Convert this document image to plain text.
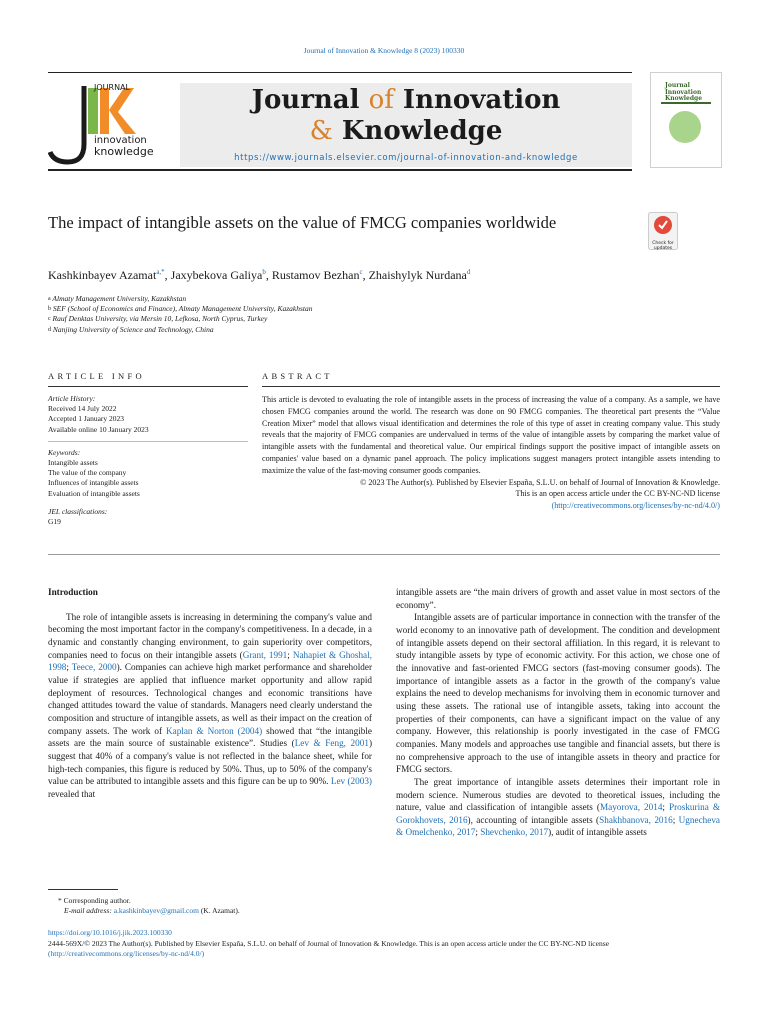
Journal of Innovation & Knowledge 8 (2023) 100330
JOURNAL
innovation
knowledge
Journal of Innovation
& Knowledge
https://www.journals.elsevier.com/journal-of-innovation-and-knowledge
Journal
Innovation
Knowledge
The impact of intangible assets on the value of FMCG companies worldwide
Check for updates
Kashkinbayev Azamat$^{a,*}$, Jaxybekova Galiya$^b$, Rustamov Bezhan$^c$, Zhaishylyk Nurdana$^d$
$^a$ Almaty Management University, Kazakhstan
$^b$ SEF (School of Economics and Finance), Almaty Management University, Kazakhstan
$^c$ Rauf Denktas University, via Mersin 10, Lefkosa, North Cyprus, Turkey
$^d$ Nanjing University of Science and Technology, China
ARTICLE INFO	ABSTRACT
Article History:
Received 14 July 2022
Accepted 1 January 2023
Available online 10 January 2023
Keywords:
Intangible assets
The value of the company
Influences of intangible assets
Evaluation of intangible assets
JEL classifications:
G19
This article is devoted to evaluating the role of intangible assets in the process of increasing the value of a company. As a sample, we have chosen FMCG companies around the world. The research was done on 90 FMCG companies. The theoretical part presents the “Value Creation Mixer” model that allows visual identification and determines the role of this type of asset in creating company value. This study reveals that the majority of FMCG companies are undervalued in terms of the value of intangible assets by comparing the market value of intangible assets with the fundamental and theoretical value. Our empirical findings support the positive impact of intangible assets on companies' value based on a dynamic panel approach. The policy implications suggest managers protect intangible assets intending to maximize the value of the fast-moving consumer goods companies.
© 2023 The Author(s). Published by Elsevier España, S.L.U. on behalf of Journal of Innovation & Knowledge.
This is an open access article under the CC BY-NC-ND license
(http://creativecommons.org/licenses/by-nc-nd/4.0/)
Introduction

The role of intangible assets is increasing in determining the company's value and becoming the most important factor in the company's competitiveness. In a decade, in a dynamic and constantly changing environment, to gain superiority over competitors, companies need to focus on their intangible assets (Grant, 1991; Nahapiet & Ghoshal, 1998; Teece, 2000). Companies can achieve high market performance and shareholder value if strategies are applied that influence market opportunity and allow rapid deployment of resources. Technological changes and economic transitions have changed attitudes toward the value of standards. Managers need clearly understand the composition and structure of intangible assets, as well as their impact on the creation of company assets. The work of Kaplan & Norton (2004) showed that “the intangible assets are the main source of sustainable existence”. Studies (Lev & Feng, 2001) suggest that 40% of a company's value is not reflected in the balance sheet, while for high-tech companies, this figure is reduced by 50%. Thus, up to 50% of the company's value can be attributed to intangible assets and this figure can be up to 90%. Lev (2003) revealed that

intangible assets are “the main drivers of growth and asset value in most sectors of the economy”.

Intangible assets are of particular importance in connection with the transfer of the world economy to an innovative path of development. The condition and development of intangible assets depend on their sectoral affiliation. In this regard, it is relevant to study intangible assets by type of economic activity. For this action, we chose one of the innovative and fast-oriented FMCG sectors (fast-moving consumer goods). The importance of intangible assets as a factor in the growth of the company's value explains the need to develop mechanisms for involving them in economic turnover and using these assets. The rational use of intangible assets, taking into account the properties of their components, can have a significant impact on the value of any company. However, this relationship is poorly investigated in the case of FMCG companies. Many models and approaches use tangible and financial assets, but there is no comprehensive approach to the use of intangible assets in theory and practice for FMCG sectors.

The great importance of intangible assets determines their important role in modern science. Numerous studies are devoted to theoretical issues, including the nature, value and classification of intangible assets (Mayorova, 2014; Proskurina & Gorokhovets, 2016), accounting of intangible assets (Shakhbanova, 2016; Ugnecheva & Omelchenko, 2017; Shevchenko, 2017), audit of intangible assets

* Corresponding author.
E-mail address: a.kashkinbayev@gmail.com (K. Azamat).
https://doi.org/10.1016/j.jik.2023.100330
2444-569X/© 2023 The Author(s). Published by Elsevier España, S.L.U. on behalf of Journal of Innovation & Knowledge. This is an open access article under the CC BY-NC-ND license
(http://creativecommons.org/licenses/by-nc-nd/4.0/)
